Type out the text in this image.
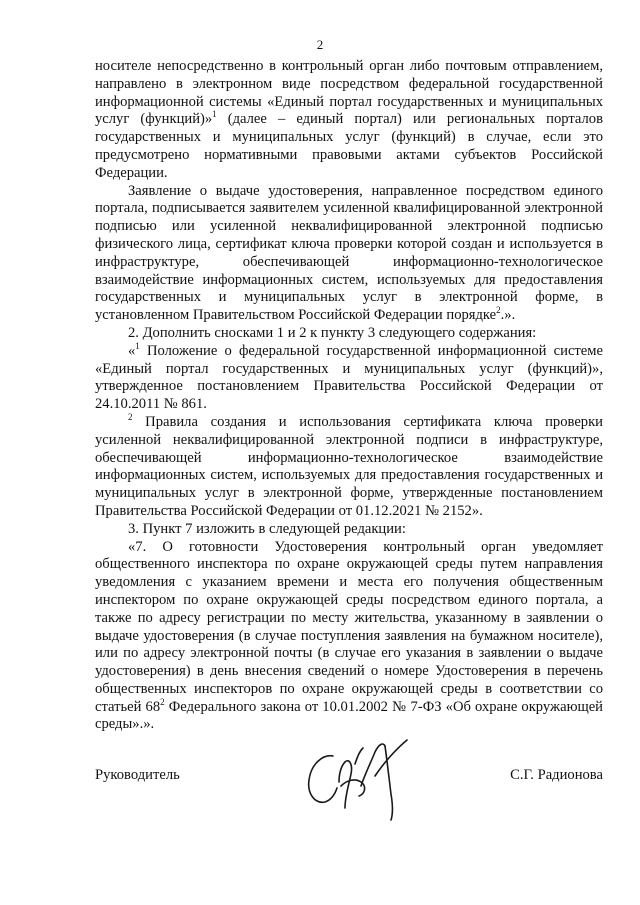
2

носителе непосредственно в контрольный орган либо почтовым отправлением, направлено в электронном виде посредством федеральной государственной информационной системы «Единый портал государственных и муниципальных услуг (функций)»$^1$ (далее – единый портал) или региональных порталов государственных и муниципальных услуг (функций) в случае, если это предусмотрено нормативными правовыми актами субъектов Российской Федерации.

Заявление о выдаче удостоверения, направленное посредством единого портала, подписывается заявителем усиленной квалифицированной электронной подписью или усиленной неквалифицированной электронной подписью физического лица, сертификат ключа проверки которой создан и используется в инфраструктуре, обеспечивающей информационно-технологическое взаимодействие информационных систем, используемых для предоставления государственных и муниципальных услуг в электронной форме, в установленном Правительством Российской Федерации порядке$^2$.».

2. Дополнить сносками 1 и 2 к пункту 3 следующего содержания:

«$^1$ Положение о федеральной государственной информационной системе «Единый портал государственных и муниципальных услуг (функций)», утвержденное постановлением Правительства Российской Федерации от 24.10.2011 № 861.

$^2$ Правила создания и использования сертификата ключа проверки усиленной неквалифицированной электронной подписи в инфраструктуре, обеспечивающей информационно-технологическое взаимодействие информационных систем, используемых для предоставления государственных и муниципальных услуг в электронной форме, утвержденные постановлением Правительства Российской Федерации от 01.12.2021 № 2152».

3. Пункт 7 изложить в следующей редакции:

«7. О готовности Удостоверения контрольный орган уведомляет общественного инспектора по охране окружающей среды путем направления уведомления с указанием времени и места его получения общественным инспектором по охране окружающей среды посредством единого портала, а также по адресу регистрации по месту жительства, указанному в заявлении о выдаче удостоверения (в случае поступления заявления на бумажном носителе), или по адресу электронной почты (в случае его указания в заявлении о выдаче удостоверения) в день внесения сведений о номере Удостоверения в перечень общественных инспекторов по охране окружающей среды в соответствии со статьей $68^2$ Федерального закона от 10.01.2002 № 7-ФЗ «Об охране окружающей среды».».

Руководитель	С.Г. Радионова
